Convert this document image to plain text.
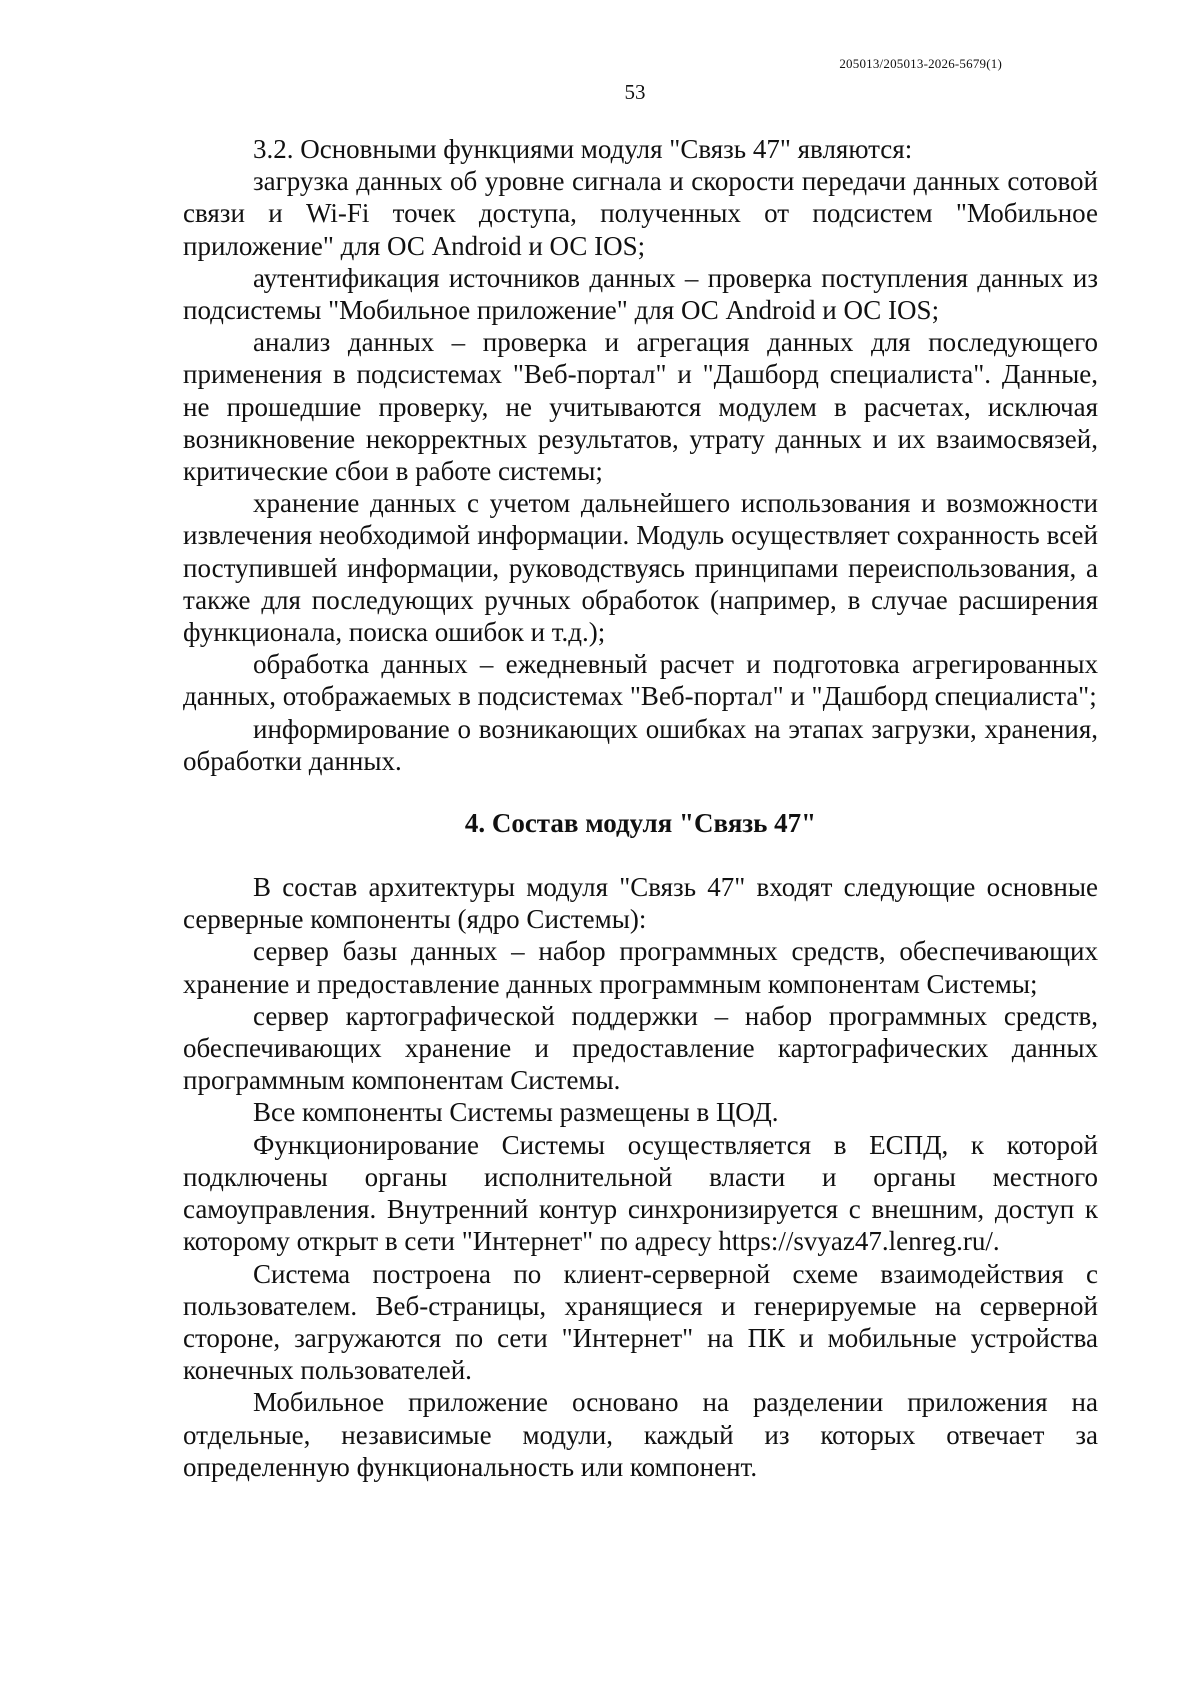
205013/205013-2026-5679(1)
53

3.2. Основными функциями модуля "Связь 47" являются:

загрузка данных об уровне сигнала и скорости передачи данных сотовой связи и Wi-Fi точек доступа, полученных от подсистем "Мобильное приложение" для ОС Android и ОС IOS;

аутентификация источников данных – проверка поступления данных из подсистемы "Мобильное приложение" для ОС Android и ОС IOS;

анализ данных – проверка и агрегация данных для последующего применения в подсистемах "Веб-портал" и "Дашборд специалиста". Данные, не прошедшие проверку, не учитываются модулем в расчетах, исключая возникновение некорректных результатов, утрату данных и их взаимосвязей, критические сбои в работе системы;

хранение данных с учетом дальнейшего использования и возможности извлечения необходимой информации. Модуль осуществляет сохранность всей поступившей информации, руководствуясь принципами переиспользования, а также для последующих ручных обработок (например, в случае расширения функционала, поиска ошибок и т.д.);

обработка данных – ежедневный расчет и подготовка агрегированных данных, отображаемых в подсистемах "Веб-портал" и "Дашборд специалиста";

информирование о возникающих ошибках на этапах загрузки, хранения, обработки данных.

4. Состав модуля "Связь 47"

В состав архитектуры модуля "Связь 47" входят следующие основные серверные компоненты (ядро Системы):

сервер базы данных – набор программных средств, обеспечивающих хранение и предоставление данных программным компонентам Системы;

сервер картографической поддержки – набор программных средств, обеспечивающих хранение и предоставление картографических данных программным компонентам Системы.

Все компоненты Системы размещены в ЦОД.

Функционирование Системы осуществляется в ЕСПД, к которой подключены органы исполнительной власти и органы местного самоуправления. Внутренний контур синхронизируется с внешним, доступ к которому открыт в сети "Интернет" по адресу https://svyaz47.lenreg.ru/.

Система построена по клиент-серверной схеме взаимодействия с пользователем. Веб-страницы, хранящиеся и генерируемые на серверной стороне, загружаются по сети "Интернет" на ПК и мобильные устройства конечных пользователей.

Мобильное приложение основано на разделении приложения на отдельные, независимые модули, каждый из которых отвечает за определенную функциональность или компонент.
